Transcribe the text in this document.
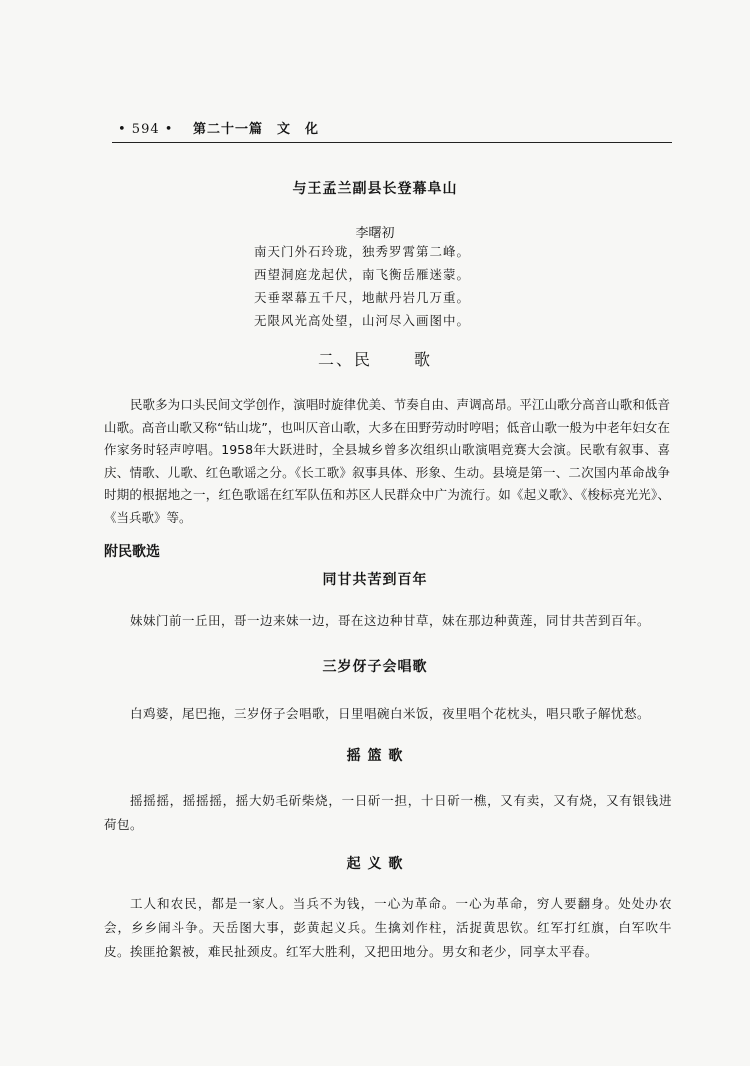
• 594 • 第二十一篇　文　化
与王孟兰副县长登幕阜山
李曙初
南天门外石玲珑，独秀罗霄第二峰。
西望洞庭龙起伏，南飞衡岳雁迷蒙。
天垂翠幕五千尺，地献丹岩几万重。
无限风光高处望，山河尽入画图中。
二、民	歌
民歌多为口头民间文学创作，演唱时旋律优美、节奏自由、声调高昂。平江山歌分高音山歌和低音山歌。高音山歌又称“钻山垅”，也叫仄音山歌，大多在田野劳动时哼唱；低音山歌一般为中老年妇女在作家务时轻声哼唱。1958年大跃进时，全县城乡曾多次组织山歌演唱竞赛大会演。民歌有叙事、喜庆、情歌、儿歌、红色歌谣之分。《长工歌》叙事具体、形象、生动。县境是第一、二次国内革命战争时期的根据地之一，红色歌谣在红军队伍和苏区人民群众中广为流行。如《起义歌》、《梭标亮光光》、《当兵歌》等。
附民歌选
同甘共苦到百年
妹妹门前一丘田，哥一边来妹一边，哥在这边种甘草，妹在那边种黄莲，同甘共苦到百年。
三岁伢子会唱歌
白鸡婆，尾巴拖，三岁伢子会唱歌，日里唱碗白米饭，夜里唱个花枕头，唱只歌子解忧愁。
摇 篮 歌
摇摇摇，摇摇摇，摇大奶毛斫柴烧，一日斫一担，十日斫一樵，又有卖，又有烧，又有银钱进荷包。
起 义 歌
工人和农民，都是一家人。当兵不为钱，一心为革命。一心为革命，穷人要翻身。处处办农会，乡乡闹斗争。天岳图大事，彭黄起义兵。生擒刘作柱，活捉黄思钦。红军打红旗，白军吹牛皮。挨匪抢絮被，难民扯颈皮。红军大胜利，又把田地分。男女和老少，同享太平春。
